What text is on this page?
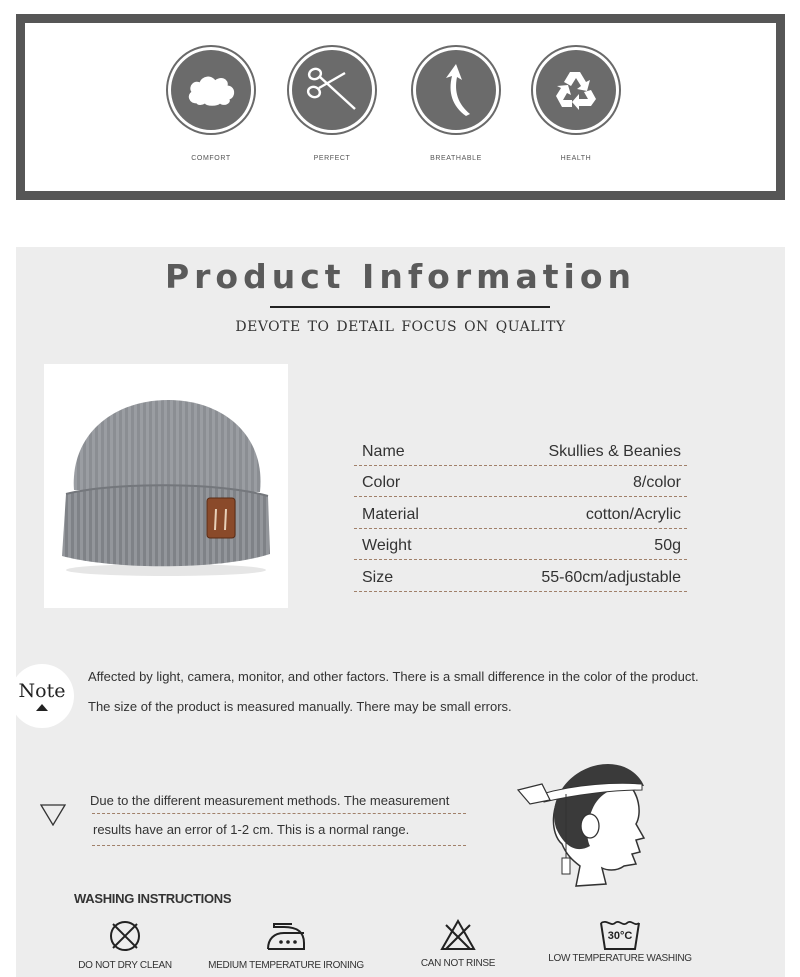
COMFORT	PERFECT	BREATHABLE	HEALTH
Product Information
DEVOTE TO DETAIL FOCUS ON QUALITY
Name	Skullies & Beanies
Color	8/color
Material	cotton/Acrylic
Weight	50g
Size	55-60cm/adjustable
Note
Affected by light, camera, monitor, and other factors. There is a small difference in the color of the product.
The size of the product is measured manually. There may be small errors.
Due to the different measurement methods. The measurement
results have an error of 1-2 cm. This is a normal range.
WASHING INSTRUCTIONS
DO NOT DRY CLEAN	MEDIUM TEMPERATURE IRONING	CAN NOT RINSE
30°C
LOW TEMPERATURE WASHING
